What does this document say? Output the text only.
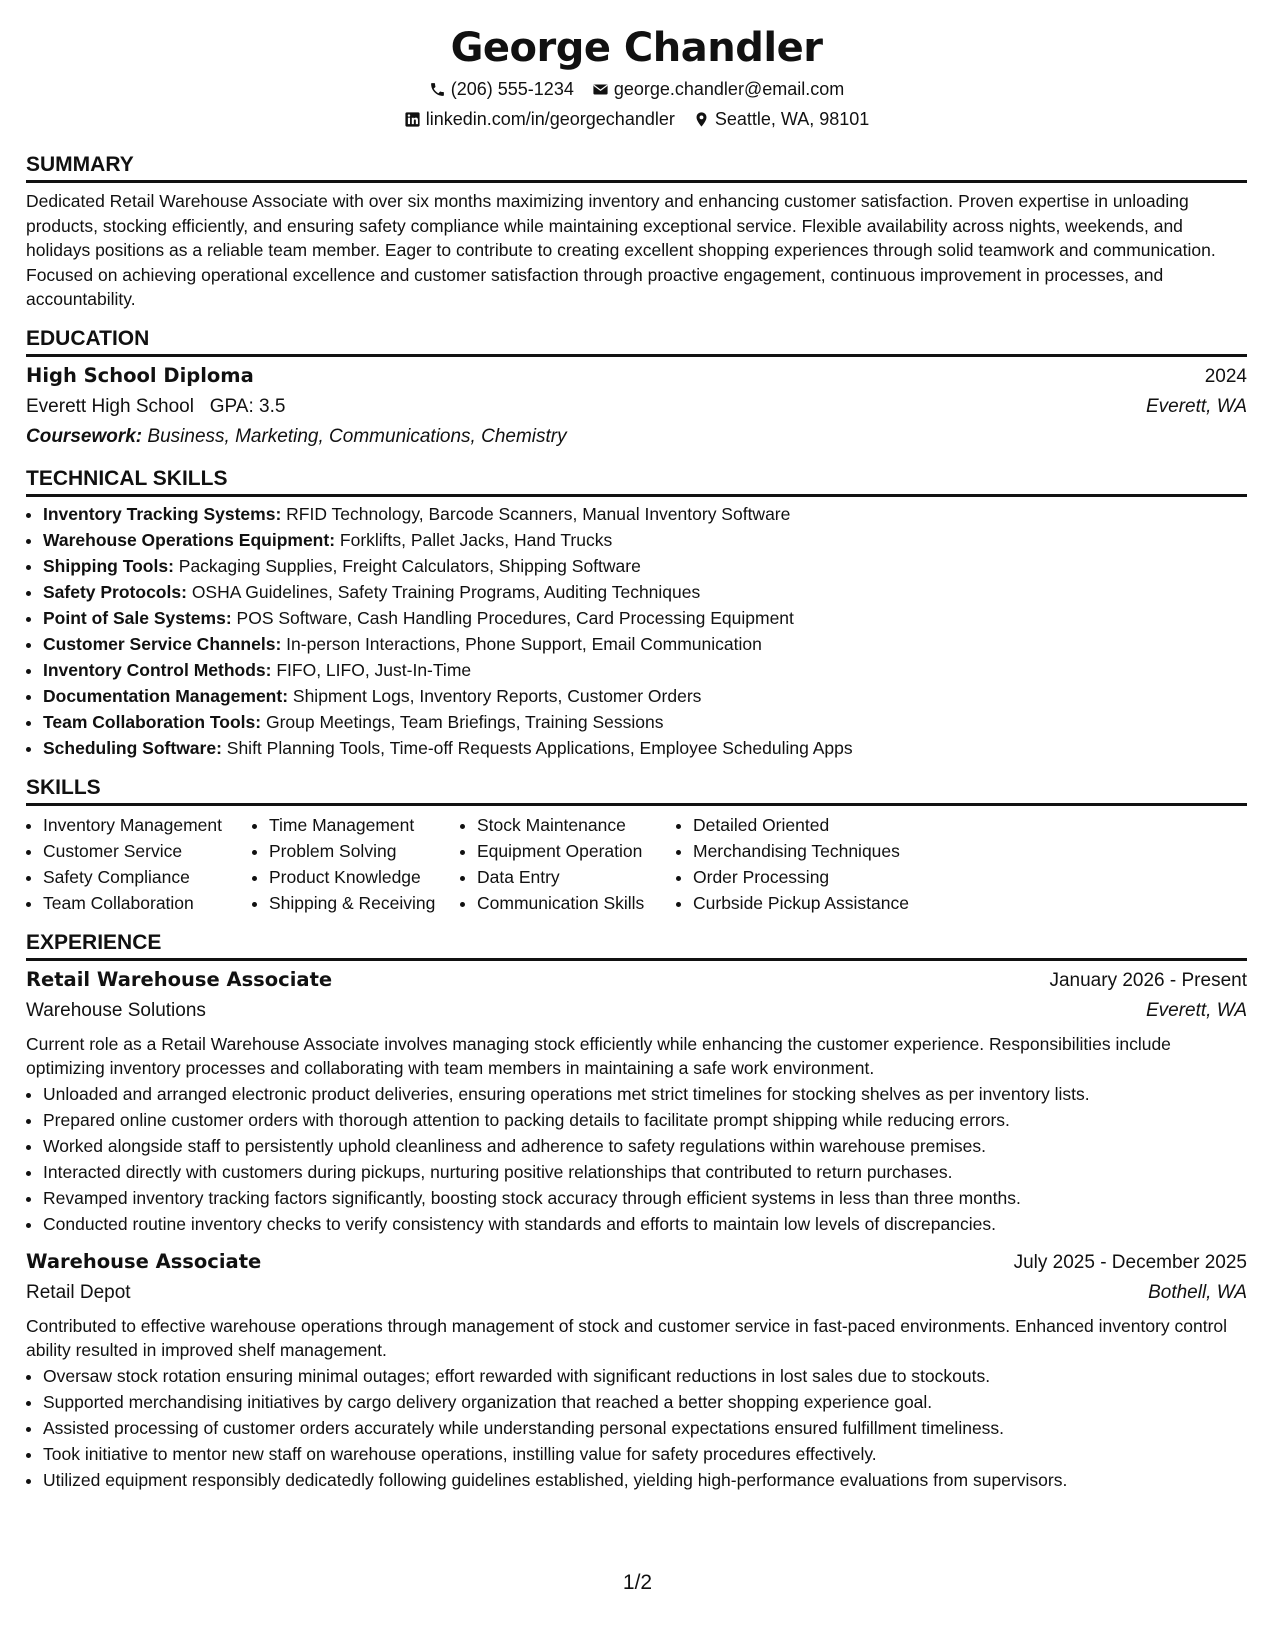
George Chandler
(206) 555-1234 george.chandler@email.com
linkedin.com/in/georgechandler Seattle, WA, 98101
SUMMARY

Dedicated Retail Warehouse Associate with over six months maximizing inventory and enhancing customer satisfaction. Proven expertise in unloading products, stocking efficiently, and ensuring safety compliance while maintaining exceptional service. Flexible availability across nights, weekends, and holidays positions as a reliable team member. Eager to contribute to creating excellent shopping experiences through solid teamwork and communication. Focused on achieving operational excellence and customer satisfaction through proactive engagement, continuous improvement in processes, and accountability.

EDUCATION
High School Diploma	2024
Everett High School GPA: 3.5	Everett, WA
Coursework: Business, Marketing, Communications, Chemistry
TECHNICAL SKILLS
• Inventory Tracking Systems: RFID Technology, Barcode Scanners, Manual Inventory Software
• Warehouse Operations Equipment: Forklifts, Pallet Jacks, Hand Trucks
• Shipping Tools: Packaging Supplies, Freight Calculators, Shipping Software
• Safety Protocols: OSHA Guidelines, Safety Training Programs, Auditing Techniques
• Point of Sale Systems: POS Software, Cash Handling Procedures, Card Processing Equipment
• Customer Service Channels: In-person Interactions, Phone Support, Email Communication
• Inventory Control Methods: FIFO, LIFO, Just-In-Time
• Documentation Management: Shipment Logs, Inventory Reports, Customer Orders
• Team Collaboration Tools: Group Meetings, Team Briefings, Training Sessions
• Scheduling Software: Shift Planning Tools, Time-off Requests Applications, Employee Scheduling Apps
SKILLS
• Inventory Management
• Customer Service
• Safety Compliance
• Team Collaboration
• Time Management
• Problem Solving
• Product Knowledge
• Shipping & Receiving
• Stock Maintenance
• Equipment Operation
• Data Entry
• Communication Skills
• Detailed Oriented
• Merchandising Techniques
• Order Processing
• Curbside Pickup Assistance
EXPERIENCE
Retail Warehouse Associate	January 2026 - Present
Warehouse Solutions	Everett, WA

Current role as a Retail Warehouse Associate involves managing stock efficiently while enhancing the customer experience. Responsibilities include optimizing inventory processes and collaborating with team members in maintaining a safe work environment.

• Unloaded and arranged electronic product deliveries, ensuring operations met strict timelines for stocking shelves as per inventory lists.
• Prepared online customer orders with thorough attention to packing details to facilitate prompt shipping while reducing errors.
• Worked alongside staff to persistently uphold cleanliness and adherence to safety regulations within warehouse premises.
• Interacted directly with customers during pickups, nurturing positive relationships that contributed to return purchases.
• Revamped inventory tracking factors significantly, boosting stock accuracy through efficient systems in less than three months.
• Conducted routine inventory checks to verify consistency with standards and efforts to maintain low levels of discrepancies.
Warehouse Associate	July 2025 - December 2025
Retail Depot	Bothell, WA

Contributed to effective warehouse operations through management of stock and customer service in fast-paced environments. Enhanced inventory control ability resulted in improved shelf management.

• Oversaw stock rotation ensuring minimal outages; effort rewarded with significant reductions in lost sales due to stockouts.
• Supported merchandising initiatives by cargo delivery organization that reached a better shopping experience goal.
• Assisted processing of customer orders accurately while understanding personal expectations ensured fulfillment timeliness.
• Took initiative to mentor new staff on warehouse operations, instilling value for safety procedures effectively.
• Utilized equipment responsibly dedicatedly following guidelines established, yielding high-performance evaluations from supervisors.
1/2
